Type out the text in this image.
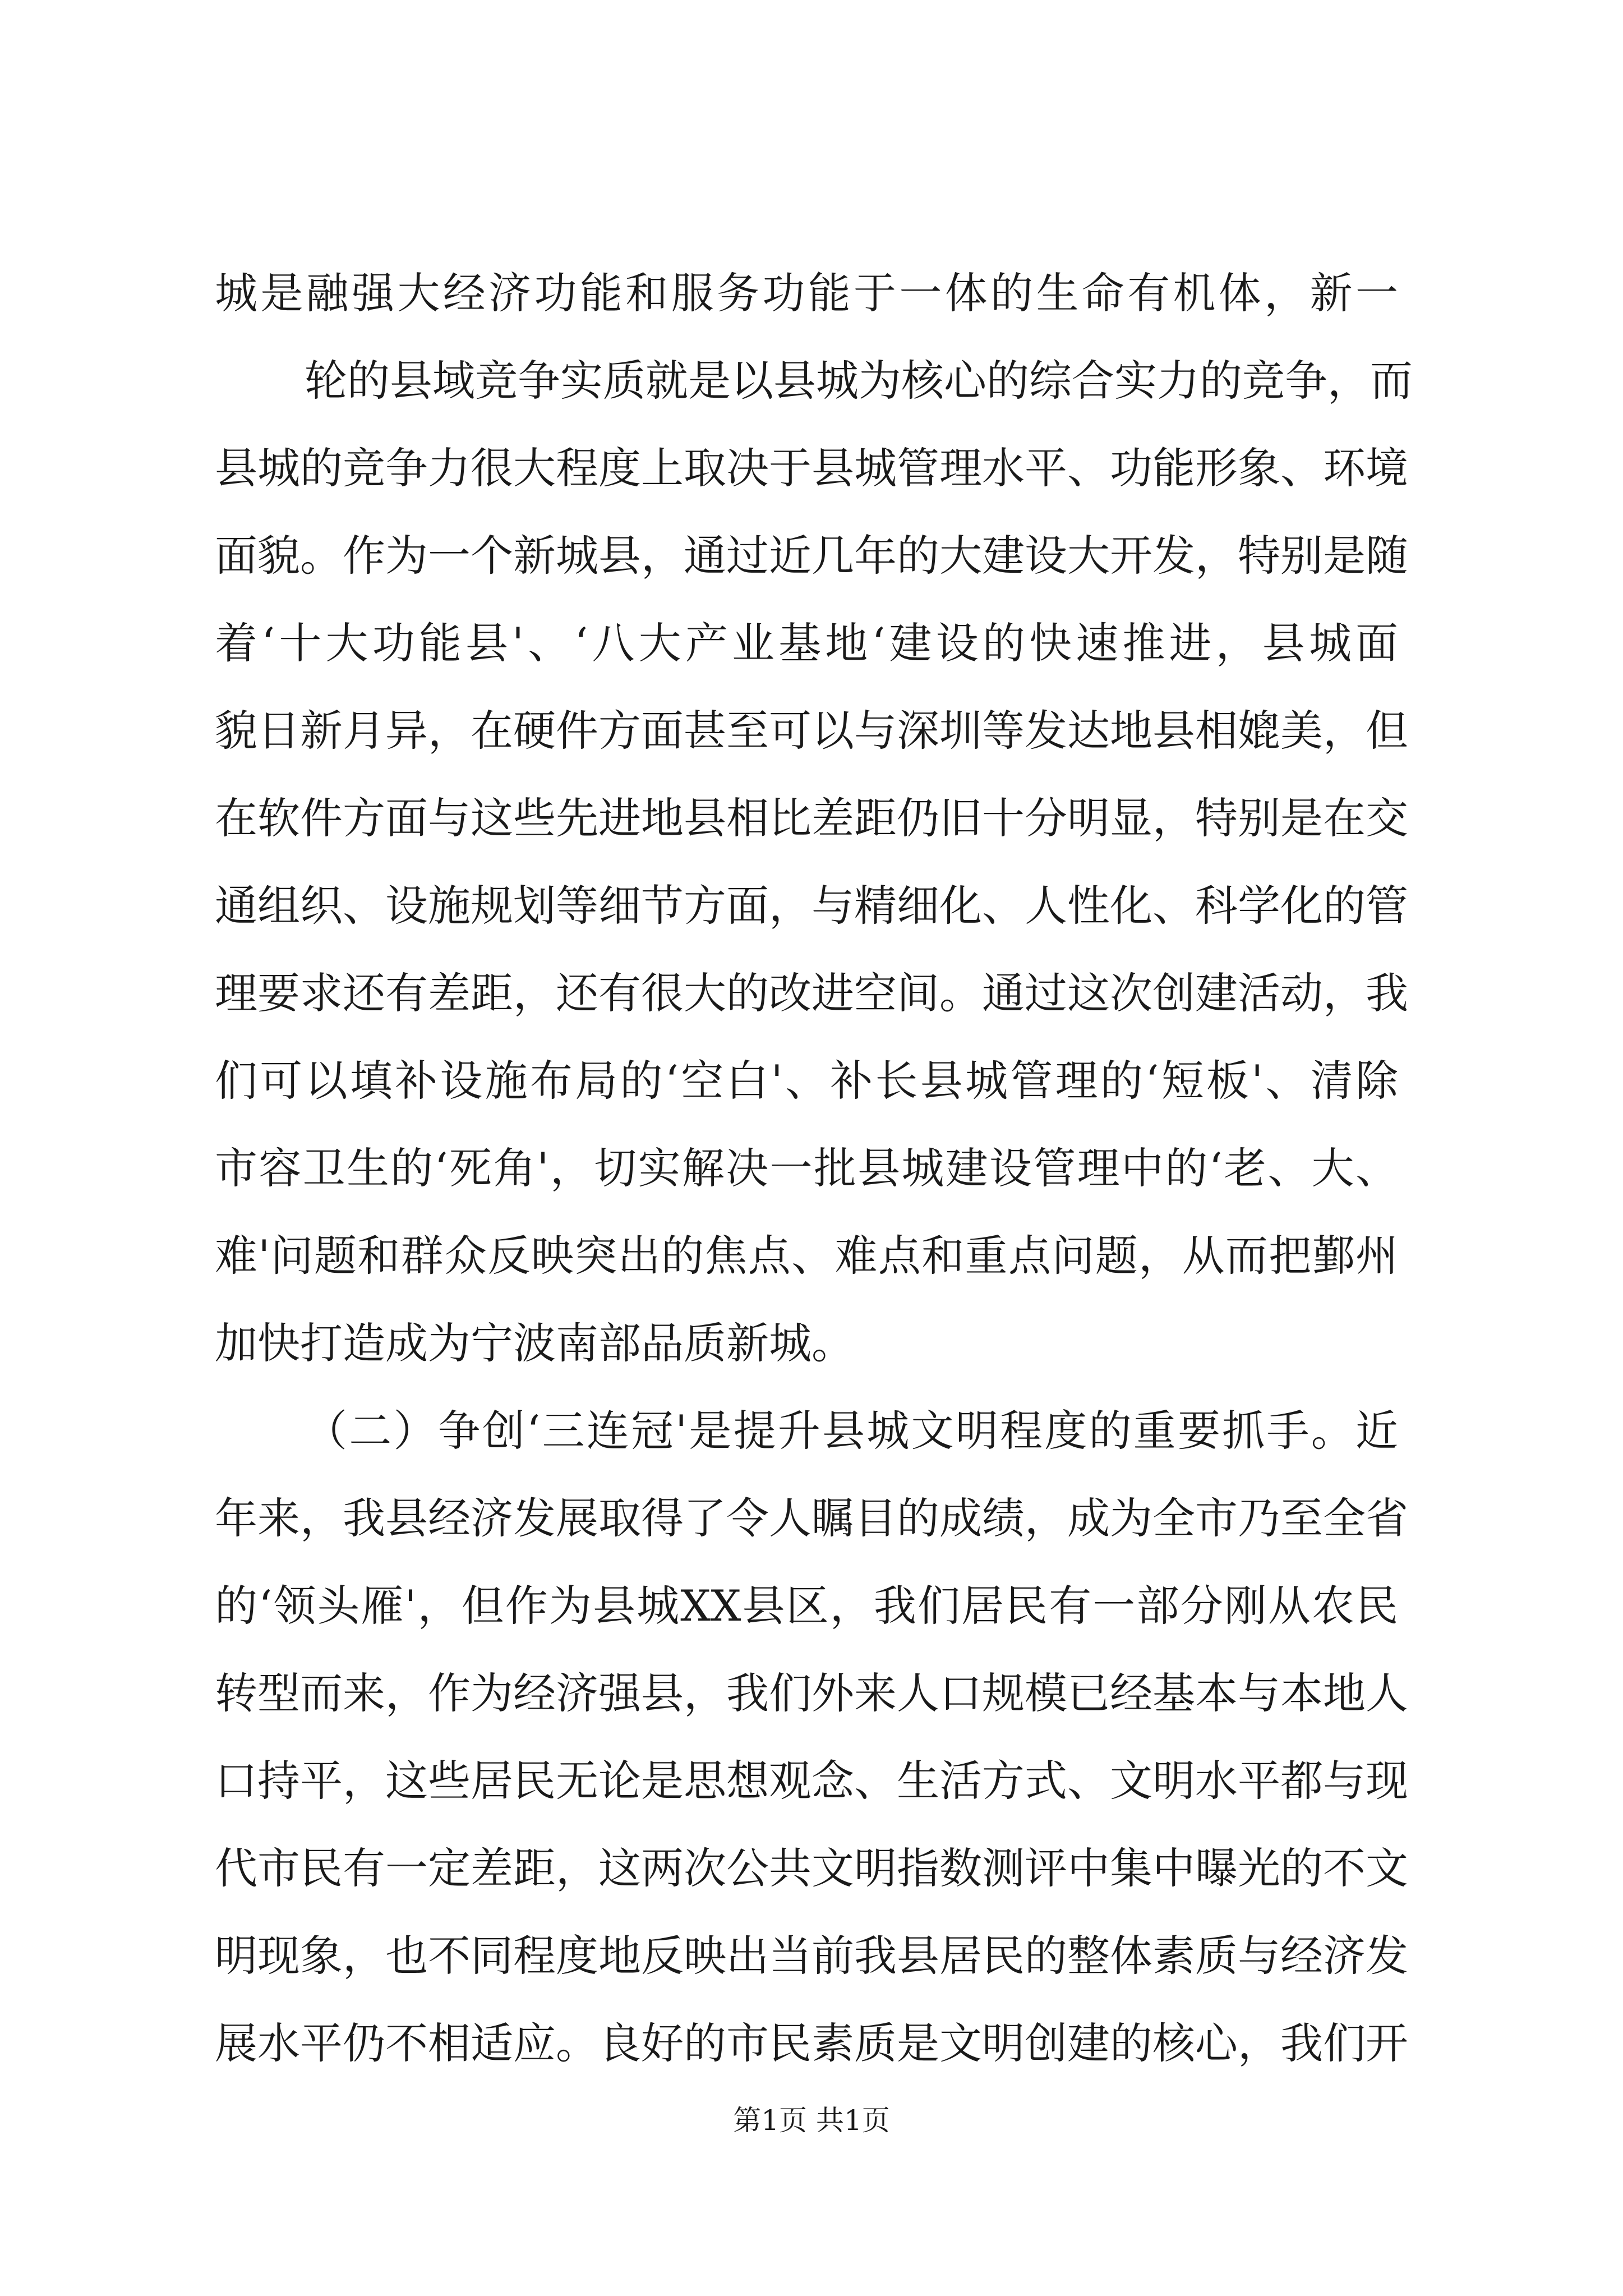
城是融强大经济功能和服务功能于一体的生命有机体，新一
轮的县域竞争实质就是以县城为核心的综合实力的竞争，而
县城的竞争力很大程度上取决于县城管理水平、功能形象、环境
面貌。作为一个新城县，通过近几年的大建设大开发，特别是随
着‘十大功能县'、‘八大产业基地‘建设的快速推进，县城面
貌日新月异，在硬件方面甚至可以与深圳等发达地县相媲美，但
在软件方面与这些先进地县相比差距仍旧十分明显，特别是在交
通组织、设施规划等细节方面，与精细化、人性化、科学化的管
理要求还有差距，还有很大的改进空间。通过这次创建活动，我
们可以填补设施布局的‘空白'、补长县城管理的‘短板'、清除
市容卫生的‘死角'，切实解决一批县城建设管理中的‘老、大、
难'问题和群众反映突出的焦点、难点和重点问题，从而把鄞州
加快打造成为宁波南部品质新城。
（二）争创‘三连冠'是提升县城文明程度的重要抓手。近
年来，我县经济发展取得了令人瞩目的成绩，成为全市乃至全省
的‘领头雁'，但作为县城XX县区，我们居民有一部分刚从农民
转型而来，作为经济强县，我们外来人口规模已经基本与本地人
口持平，这些居民无论是思想观念、生活方式、文明水平都与现
代市民有一定差距，这两次公共文明指数测评中集中曝光的不文
明现象，也不同程度地反映出当前我县居民的整体素质与经济发
展水平仍不相适应。良好的市民素质是文明创建的核心，我们开
第1页 共1页
